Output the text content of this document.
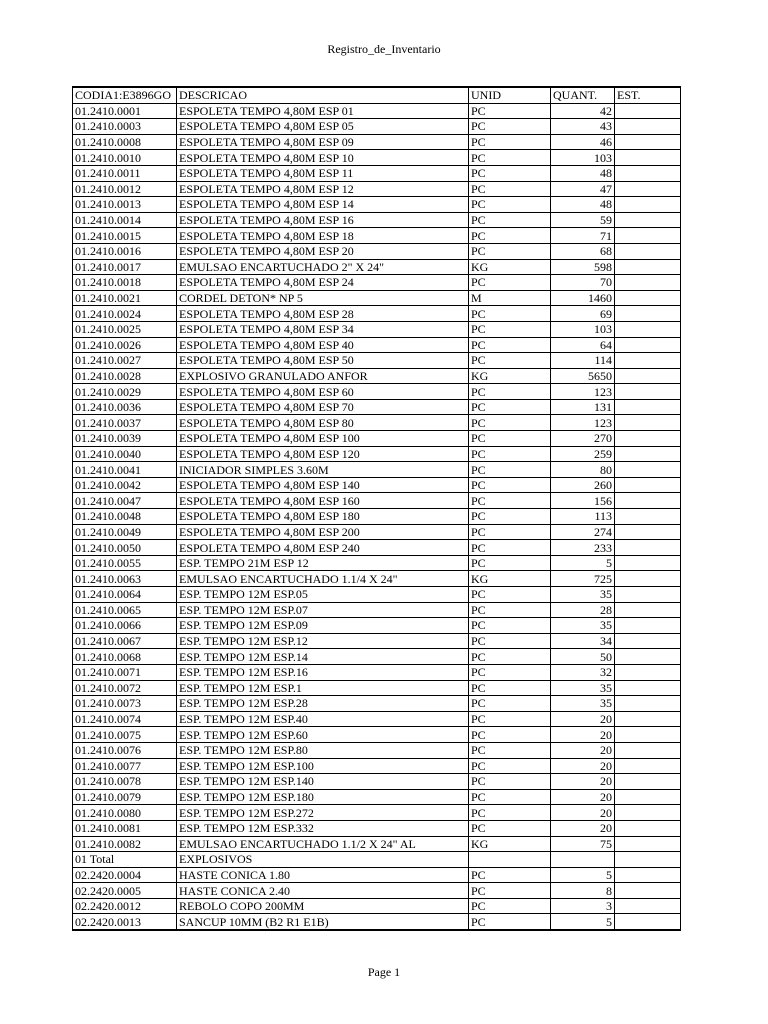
Registro_de_Inventario
CODIA1:E3896GO	DESCRICAO	UNID	QUANT.	EST.
01.2410.0001	ESPOLETA TEMPO 4,80M ESP 01	PC	42	
01.2410.0003	ESPOLETA TEMPO 4,80M ESP 05	PC	43	
01.2410.0008	ESPOLETA TEMPO 4,80M ESP 09	PC	46	
01.2410.0010	ESPOLETA TEMPO 4,80M ESP 10	PC	103	
01.2410.0011	ESPOLETA TEMPO 4,80M ESP 11	PC	48	
01.2410.0012	ESPOLETA TEMPO 4,80M ESP 12	PC	47	
01.2410.0013	ESPOLETA TEMPO 4,80M ESP 14	PC	48	
01.2410.0014	ESPOLETA TEMPO 4,80M ESP 16	PC	59	
01.2410.0015	ESPOLETA TEMPO 4,80M ESP 18	PC	71	
01.2410.0016	ESPOLETA TEMPO 4,80M ESP 20	PC	68	
01.2410.0017	EMULSAO ENCARTUCHADO 2" X 24"	KG	598	
01.2410.0018	ESPOLETA TEMPO 4,80M ESP 24	PC	70	
01.2410.0021	CORDEL DETON* NP 5	M	1460	
01.2410.0024	ESPOLETA TEMPO 4,80M ESP 28	PC	69	
01.2410.0025	ESPOLETA TEMPO 4,80M ESP 34	PC	103	
01.2410.0026	ESPOLETA TEMPO 4,80M ESP 40	PC	64	
01.2410.0027	ESPOLETA TEMPO 4,80M ESP 50	PC	114	
01.2410.0028	EXPLOSIVO GRANULADO ANFOR	KG	5650	
01.2410.0029	ESPOLETA TEMPO 4,80M ESP 60	PC	123	
01.2410.0036	ESPOLETA TEMPO 4,80M ESP 70	PC	131	
01.2410.0037	ESPOLETA TEMPO 4,80M ESP 80	PC	123	
01.2410.0039	ESPOLETA TEMPO 4,80M ESP 100	PC	270	
01.2410.0040	ESPOLETA TEMPO 4,80M ESP 120	PC	259	
01.2410.0041	INICIADOR SIMPLES 3.60M	PC	80	
01.2410.0042	ESPOLETA TEMPO 4,80M ESP 140	PC	260	
01.2410.0047	ESPOLETA TEMPO 4,80M ESP 160	PC	156	
01.2410.0048	ESPOLETA TEMPO 4,80M ESP 180	PC	113	
01.2410.0049	ESPOLETA TEMPO 4,80M ESP 200	PC	274	
01.2410.0050	ESPOLETA TEMPO 4,80M ESP 240	PC	233	
01.2410.0055	ESP. TEMPO 21M ESP 12	PC	5	
01.2410.0063	EMULSAO ENCARTUCHADO 1.1/4 X 24"	KG	725	
01.2410.0064	ESP. TEMPO 12M ESP.05	PC	35	
01.2410.0065	ESP. TEMPO 12M ESP.07	PC	28	
01.2410.0066	ESP. TEMPO 12M ESP.09	PC	35	
01.2410.0067	ESP. TEMPO 12M ESP.12	PC	34	
01.2410.0068	ESP. TEMPO 12M ESP.14	PC	50	
01.2410.0071	ESP. TEMPO 12M ESP.16	PC	32	
01.2410.0072	ESP. TEMPO 12M ESP.1	PC	35	
01.2410.0073	ESP. TEMPO 12M ESP.28	PC	35	
01.2410.0074	ESP. TEMPO 12M ESP.40	PC	20	
01.2410.0075	ESP. TEMPO 12M ESP.60	PC	20	
01.2410.0076	ESP. TEMPO 12M ESP.80	PC	20	
01.2410.0077	ESP. TEMPO 12M ESP.100	PC	20	
01.2410.0078	ESP. TEMPO 12M ESP.140	PC	20	
01.2410.0079	ESP. TEMPO 12M ESP.180	PC	20	
01.2410.0080	ESP. TEMPO 12M ESP.272	PC	20	
01.2410.0081	ESP. TEMPO 12M ESP.332	PC	20	
01.2410.0082	EMULSAO ENCARTUCHADO 1.1/2 X 24" AL	KG	75	
01 Total	EXPLOSIVOS			
02.2420.0004	HASTE CONICA 1.80	PC	5	
02.2420.0005	HASTE CONICA 2.40	PC	8	
02.2420.0012	REBOLO COPO 200MM	PC	3	
02.2420.0013	SANCUP 10MM (B2 R1 E1B)	PC	5	
Page 1
